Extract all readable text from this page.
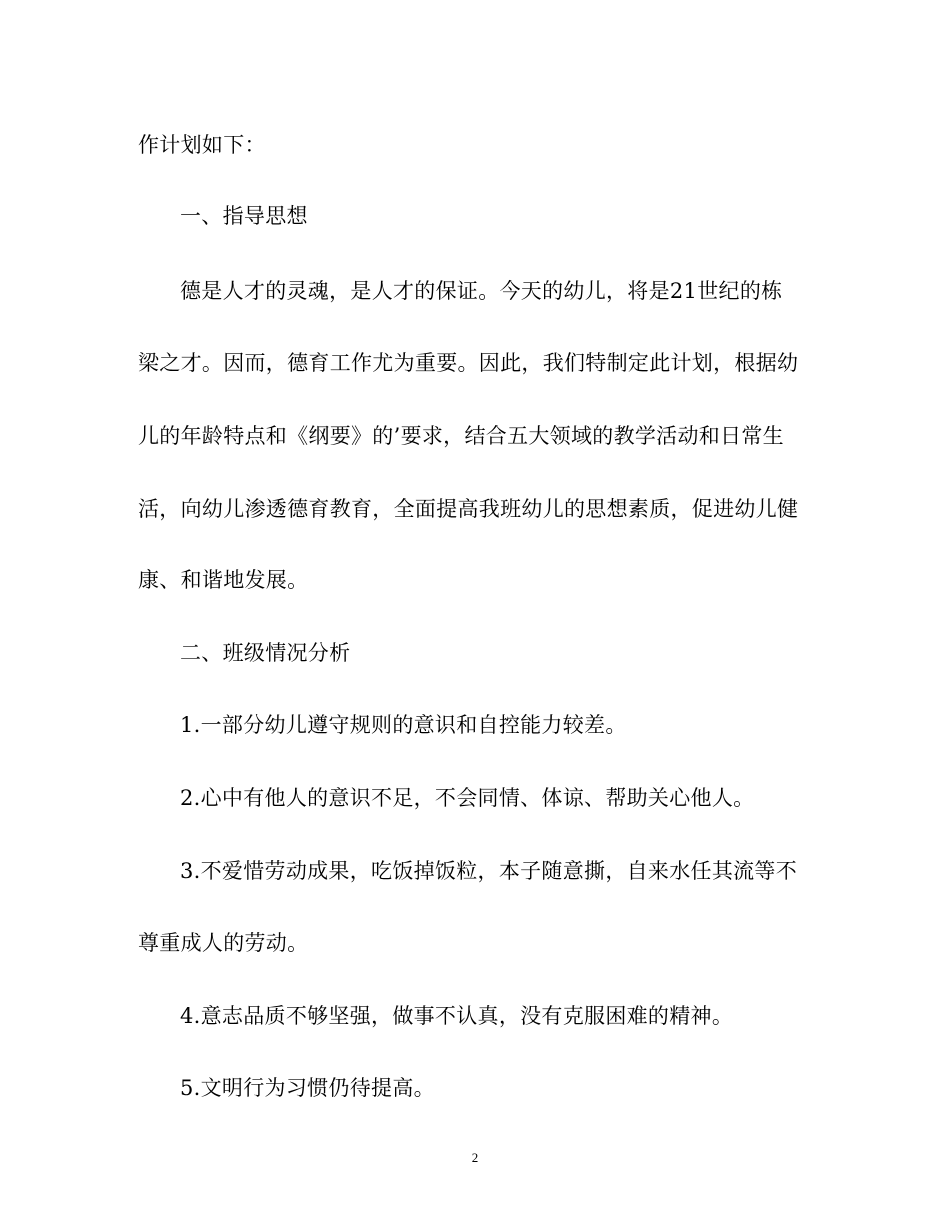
作计划如下：
一、指导思想
德是人才的灵魂，是人才的保证。今天的幼儿，将是21世纪的栋
梁之才。因而，德育工作尤为重要。因此，我们特制定此计划，根据幼
儿的年龄特点和《纲要》的’要求，结合五大领域的教学活动和日常生
活，向幼儿渗透德育教育，全面提高我班幼儿的思想素质，促进幼儿健
康、和谐地发展。
二、班级情况分析
1.一部分幼儿遵守规则的意识和自控能力较差。
2.心中有他人的意识不足，不会同情、体谅、帮助关心他人。
3.不爱惜劳动成果，吃饭掉饭粒，本子随意撕，自来水任其流等不
尊重成人的劳动。
4.意志品质不够坚强，做事不认真，没有克服困难的精神。
5.文明行为习惯仍待提高。
2
